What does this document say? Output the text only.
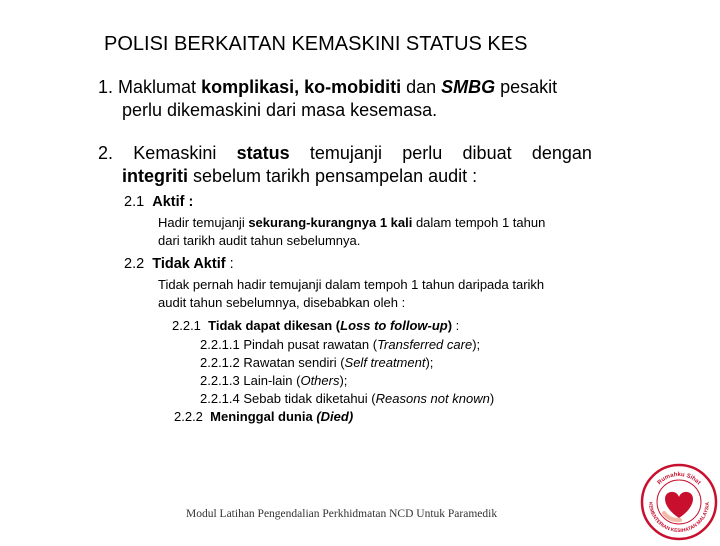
POLISI BERKAITAN KEMASKINI STATUS KES
1. Maklumat komplikasi, ko-mobiditi dan SMBG pesakit
perlu dikemaskini dari masa kesemasa.
2. Kemaskini status temujanji perlu dibuat dengan
integriti sebelum tarikh pensampelan audit :
2.1 Aktif :
Hadir temujanji sekurang-kurangnya 1 kali dalam tempoh 1 tahun
dari tarikh audit tahun sebelumnya.
2.2 Tidak Aktif :
Tidak pernah hadir temujanji dalam tempoh 1 tahun daripada tarikh
audit tahun sebelumnya, disebabkan oleh :
2.2.1 Tidak dapat dikesan (Loss to follow-up) :
2.2.1.1 Pindah pusat rawatan (Transferred care);
2.2.1.2 Rawatan sendiri (Self treatment);
2.2.1.3 Lain-lain (Others);
2.2.1.4 Sebab tidak diketahui (Reasons not known)
2.2.2 Meninggal dunia (Died)
Modul Latihan Pengendalian Perkhidmatan NCD Untuk Paramedik
Rumahku Sihat
KEMENTERIAN KESIHATAN MALAYSIA
